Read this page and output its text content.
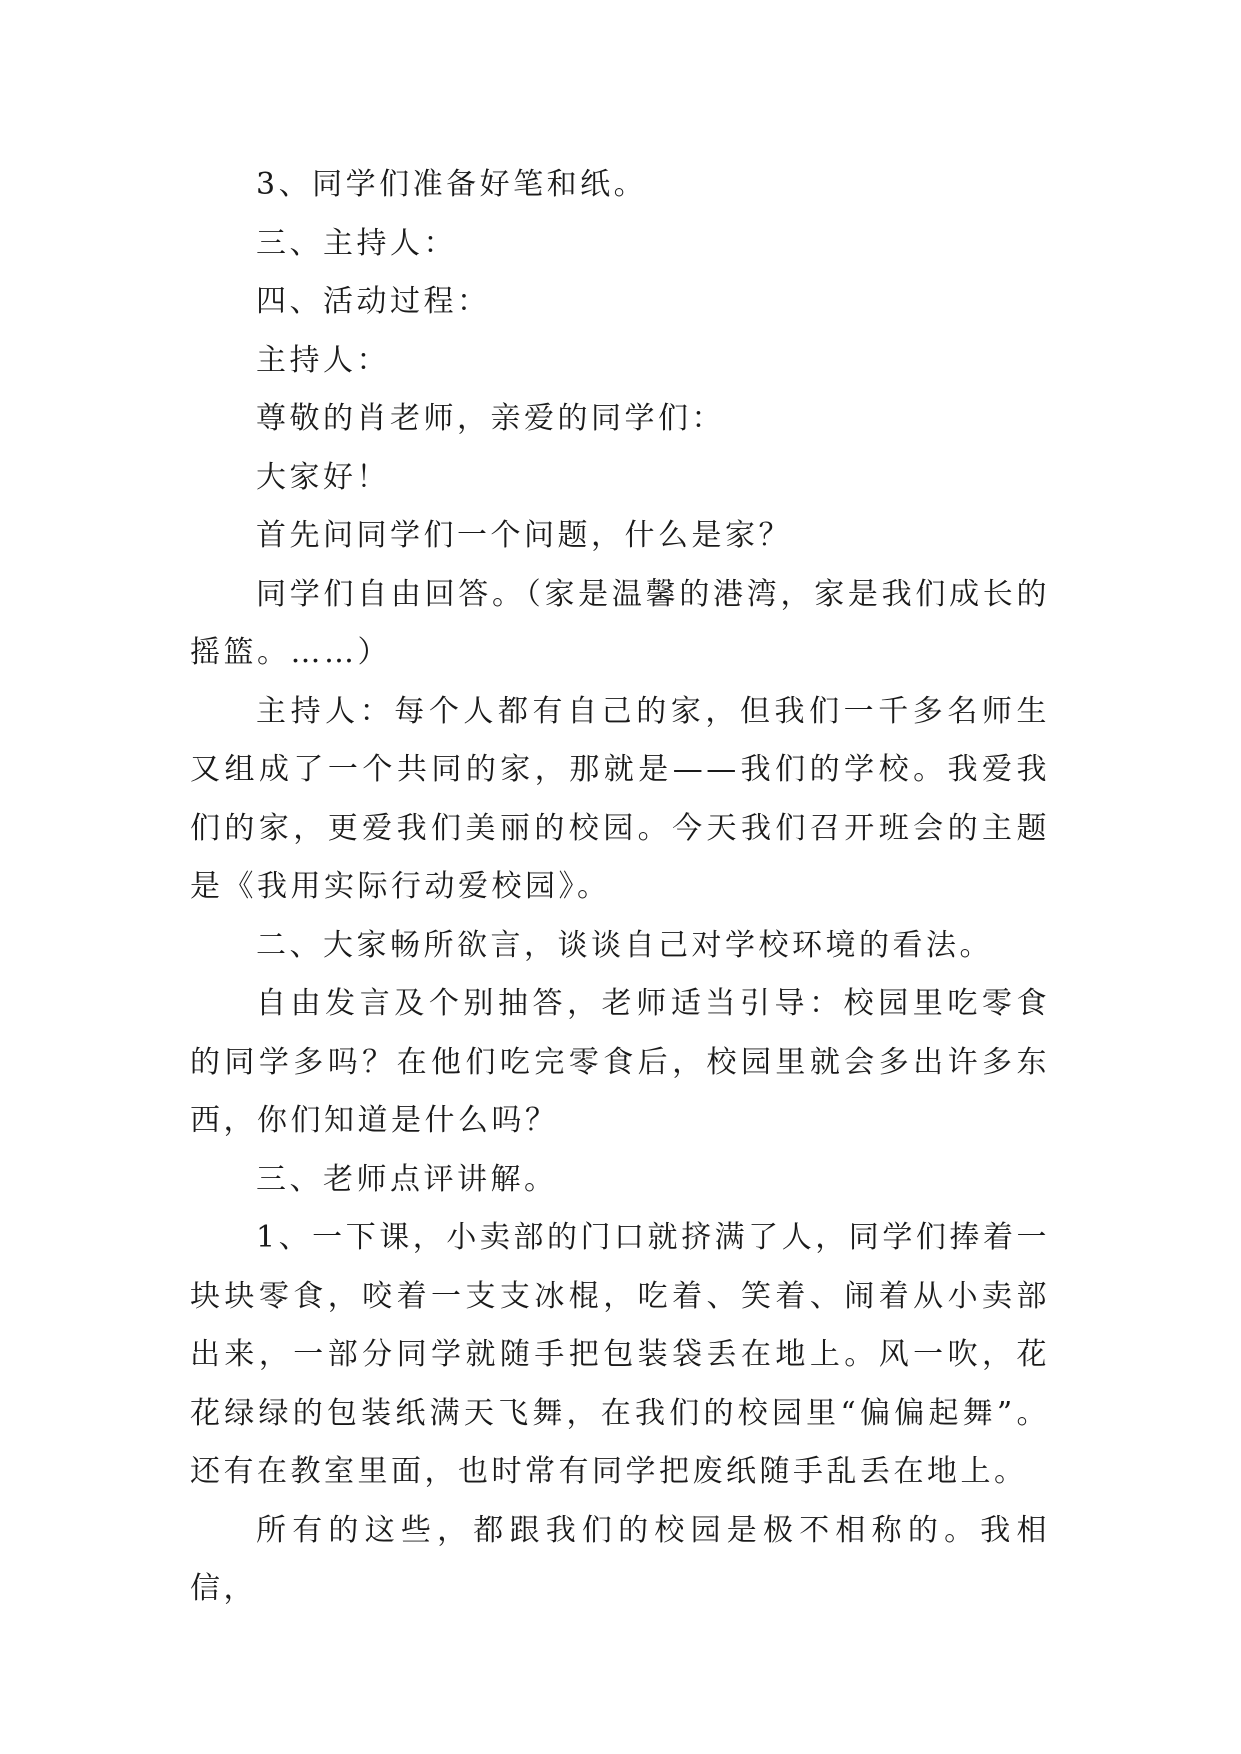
3、同学们准备好笔和纸。

三、主持人：

四、活动过程：

主持人：

尊敬的肖老师，亲爱的同学们：

大家好！

首先问同学们一个问题，什么是家？

同学们自由回答。（家是温馨的港湾，家是我们成长的摇篮。……）

主持人：每个人都有自己的家，但我们一千多名师生又组成了一个共同的家，那就是——我们的学校。我爱我们的家，更爱我们美丽的校园。今天我们召开班会的主题是《我用实际行动爱校园》。

二、大家畅所欲言，谈谈自己对学校环境的看法。

自由发言及个别抽答，老师适当引导：校园里吃零食的同学多吗？在他们吃完零食后，校园里就会多出许多东西，你们知道是什么吗？

三、老师点评讲解。

1、一下课，小卖部的门口就挤满了人，同学们捧着一块块零食，咬着一支支冰棍，吃着、笑着、闹着从小卖部出来，一部分同学就随手把包装袋丢在地上。风一吹，花花绿绿的包装纸满天飞舞，在我们的校园里“偏偏起舞”。还有在教室里面，也时常有同学把废纸随手乱丢在地上。

所有的这些，都跟我们的校园是极不相称的。我相信，
